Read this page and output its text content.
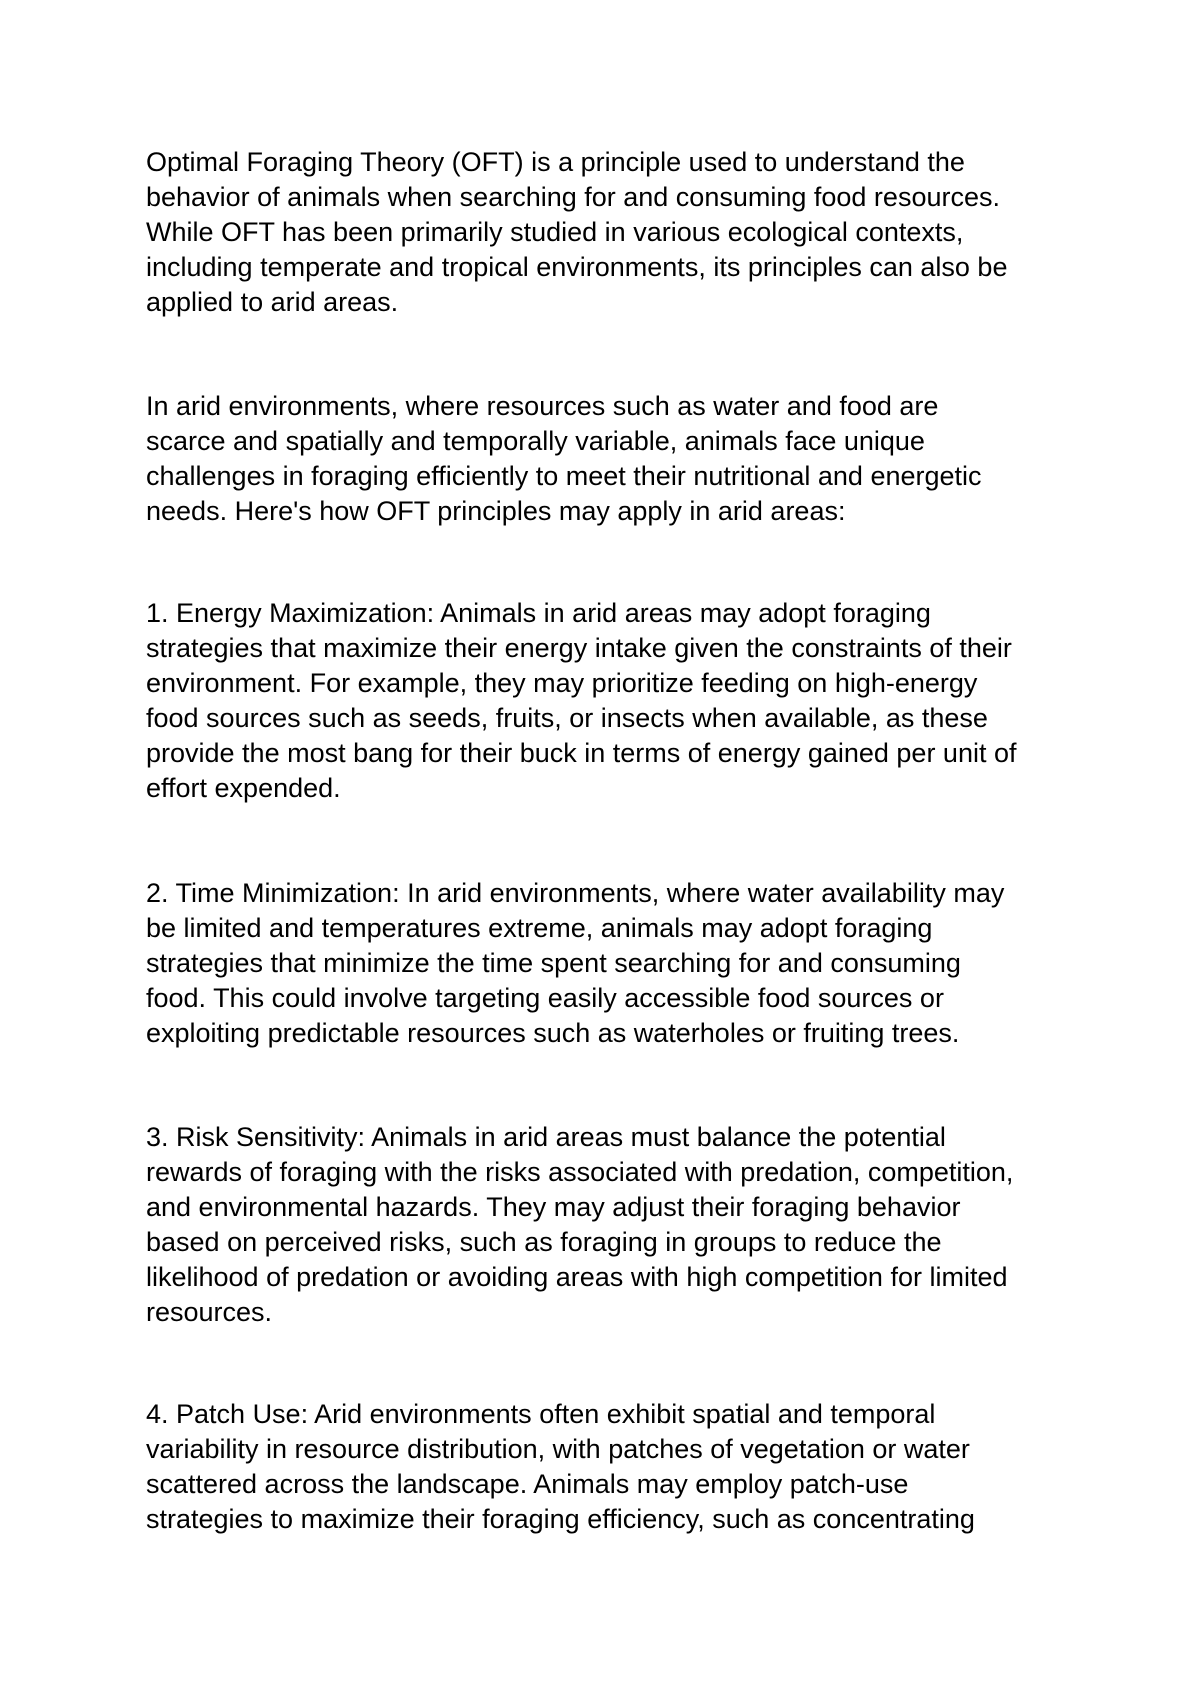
Optimal Foraging Theory (OFT) is a principle used to understand the
behavior of animals when searching for and consuming food resources.
While OFT has been primarily studied in various ecological contexts,
including temperate and tropical environments, its principles can also be
applied to arid areas.

In arid environments, where resources such as water and food are
scarce and spatially and temporally variable, animals face unique
challenges in foraging efficiently to meet their nutritional and energetic
needs. Here's how OFT principles may apply in arid areas:

1. Energy Maximization: Animals in arid areas may adopt foraging
strategies that maximize their energy intake given the constraints of their
environment. For example, they may prioritize feeding on high-energy
food sources such as seeds, fruits, or insects when available, as these
provide the most bang for their buck in terms of energy gained per unit of
effort expended.

2. Time Minimization: In arid environments, where water availability may
be limited and temperatures extreme, animals may adopt foraging
strategies that minimize the time spent searching for and consuming
food. This could involve targeting easily accessible food sources or
exploiting predictable resources such as waterholes or fruiting trees.

3. Risk Sensitivity: Animals in arid areas must balance the potential
rewards of foraging with the risks associated with predation, competition,
and environmental hazards. They may adjust their foraging behavior
based on perceived risks, such as foraging in groups to reduce the
likelihood of predation or avoiding areas with high competition for limited
resources.

4. Patch Use: Arid environments often exhibit spatial and temporal
variability in resource distribution, with patches of vegetation or water
scattered across the landscape. Animals may employ patch-use
strategies to maximize their foraging efficiency, such as concentrating
